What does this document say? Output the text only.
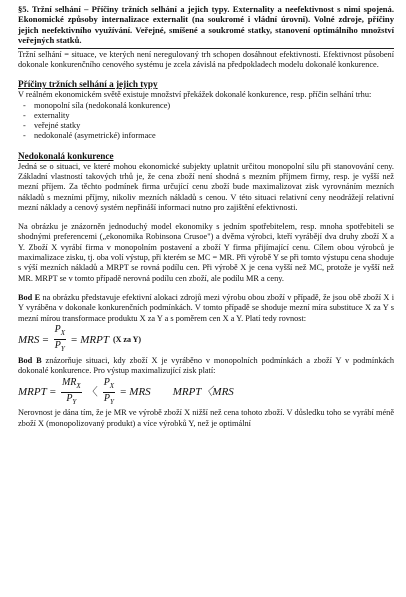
§5. Tržní selhání – Příčiny tržních selhání a jejich typy. Externality a neefektivnost s nimi spojená. Ekonomické způsoby internalizace externalit (na soukromé i vládní úrovni). Volné zdroje, příčiny jejich neefektivního využívání. Veřejné, smíšené a soukromé statky, stanovení optimálního množství veřejných statků.

Tržní selhání = situace, ve kterých není neregulovaný trh schopen dosáhnout efektivnosti. Efektivnost působení dokonale konkurenčního cenového systému je zcela závislá na předpokladech modelu dokonalé konkurence.

Příčiny tržních selhání a jejich typy

V reálném ekonomickém světě existuje množství překážek dokonalé konkurence, resp. příčin selhání trhu:

- monopolní síla (nedokonalá konkurence)
- externality
- veřejné statky
- nedokonalé (asymetrické) informace
Nedokonalá konkurence

Jedná se o situaci, ve které mohou ekonomické subjekty uplatnit určitou monopolní sílu při stanovování ceny. Základní vlastností takových trhů je, že cena zboží není shodná s mezním příjmem firmy, resp. je vyšší než mezní příjem. Za těchto podmínek firma určující cenu zboží bude maximalizovat zisk vyrovnáním mezních nákladů s mezními příjmy, nikoliv mezních nákladů s cenou. V této situaci relativní ceny neodrážejí relativní mezní náklady a cenový systém nepřináší informaci nutno pro zajištění efektivnosti.

Na obrázku je znázorněn jednoduchý model ekonomiky s jedním spotřebitelem, resp. mnoha spotřebiteli se shodnými preferencemi („ekonomika Robinsona Crusoe") a dvěma výrobci, kteří vyrábějí dva druhy zboží X a Y. Zboží X vyrábí firma v monopolním postavení a zboží Y firma přijímající cenu. Cílem obou výrobců je maximalizace zisku, tj. oba volí výstup, při kterém se MC = MR. Při výrobě Y se při tomto výstupu cena shoduje s výší mezních nákladů a MRPT se rovná podílu cen. Při výrobě X je cena vyšší než MC, protože je vyšší než MR. MRPT se v tomto případě nerovná podílu cen zboží, ale podílu MR a ceny.

Bod E na obrázku představuje efektivní alokaci zdrojů mezi výrobu obou zboží v případě, že jsou obě zboží X i Y vyráběna v dokonale konkurenčních podmínkách. V tomto případě se shoduje mezní míra substituce X za Y s mezní mírou transformace produktu X za Y a s poměrem cen X a Y. Platí tedy rovnost:

MRS = $\frac{P_X}{P_Y}$ = MRPT (X za Y)

Bod B znázorňuje situaci, kdy zboží X je vyráběno v monopolních podmínkách a zboží Y v podmínkách dokonalé konkurence. Pro výstup maximalizující zisk platí:

MRPT = $\frac{MR_X}{P_Y}$ 〈 $\frac{P_X}{P_Y}$ = MRS MRPT〈MRS

Nerovnost je dána tím, že je MR ve výrobě zboží X nižší než cena tohoto zboží. V důsledku toho se vyrábí méně zboží X (monopolizovaný produkt) a více výrobků Y, než je optimální
